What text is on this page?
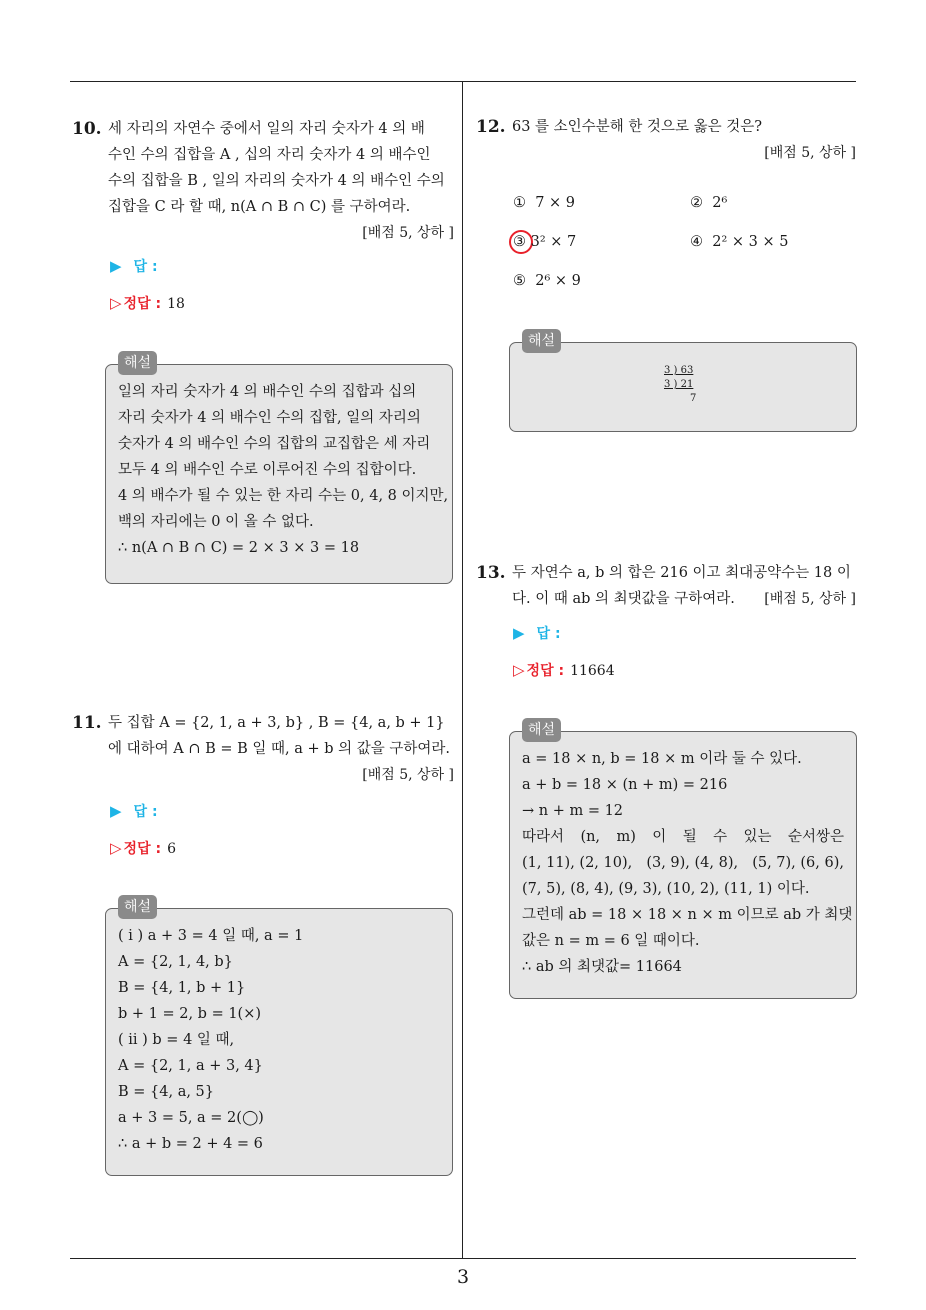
3
10. 세 자리의 자연수 중에서 일의 자리 숫자가 4 의 배
수인 수의 집합을 A , 십의 자리 숫자가 4 의 배수인
수의 집합을 B , 일의 자리의 숫자가 4 의 배수인 수의
집합을 C 라 할 때, n(A ∩ B ∩ C) 를 구하여라.
[배점 5, 상하 ]
▶ 답 :
▷ 정답 : 18
해설
일의 자리 숫자가 4 의 배수인 수의 집합과 십의
자리 숫자가 4 의 배수인 수의 집합, 일의 자리의
숫자가 4 의 배수인 수의 집합의 교집합은 세 자리
모두 4 의 배수인 수로 이루어진 수의 집합이다.
4 의 배수가 될 수 있는 한 자리 수는 0, 4, 8 이지만,
백의 자리에는 0 이 올 수 없다.
∴ n(A ∩ B ∩ C) = 2 × 3 × 3 = 18
11. 두 집합 A = {2, 1, a + 3, b} , B = {4, a, b + 1}
에 대하여 A ∩ B = B 일 때, a + b 의 값을 구하여라.
[배점 5, 상하 ]
▶ 답 :
▷ 정답 : 6
해설
( i ) a + 3 = 4 일 때, a = 1
A = {2, 1, 4, b}
B = {4, 1, b + 1}
b + 1 = 2, b = 1(×)
( ii ) b = 4 일 때,
A = {2, 1, a + 3, 4}
B = {4, a, 5}
a + 3 = 5, a = 2(◯)
∴ a + b = 2 + 4 = 6
12. 63 를 소인수분해 한 것으로 옳은 것은?
[배점 5, 상하 ]
① 7 × 9	② 2⁶
③ 3² × 7	④ 2² × 3 × 5
⑤ 2⁶ × 9
해설
3 ) 63
3 ) 21
7
13. 두 자연수 a, b 의 합은 216 이고 최대공약수는 18 이
다. 이 때 ab 의 최댓값을 구하여라. [배점 5, 상하 ]
▶ 답 :
▷ 정답 : 11664
해설
a = 18 × n, b = 18 × m 이라 둘 수 있다.
a + b = 18 × (n + m) = 216
→ n + m = 12
따라서 (n, m) 이 될 수 있는 순서쌍은
(1, 11), (2, 10), (3, 9), (4, 8), (5, 7), (6, 6),
(7, 5), (8, 4), (9, 3), (10, 2), (11, 1) 이다.
그런데 ab = 18 × 18 × n × m 이므로 ab 가 최댓
값은 n = m = 6 일 때이다.
∴ ab 의 최댓값= 11664
